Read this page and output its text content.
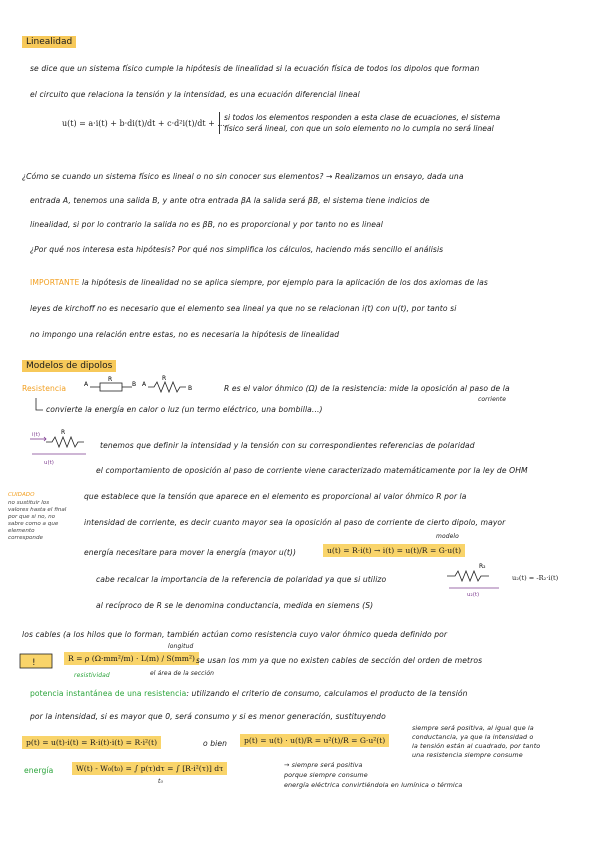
Linealidad
se dice que un sistema físico cumple la hipótesis de linealidad si la ecuación física de todos los dipolos que forman
el circuito que relaciona la tensión y la intensidad, es una ecuación diferencial lineal
u(t) = a·i(t) + b·di(t)/dt + c·d²i(t)/dt + ...
si todos los elementos responden a esta clase de ecuaciones, el sistema
físico será lineal, con que un solo elemento no lo cumpla no será lineal
¿Cómo se cuando un sistema físico es lineal o no sin conocer sus elementos? → Realizamos un ensayo, dada una
entrada A, tenemos una salida B, y ante otra entrada βA la salida será βB, el sistema tiene indicios de
linealidad, si por lo contrario la salida no es βB, no es proporcional y por tanto no es lineal
¿Por qué nos interesa esta hipótesis? Por qué nos simplifica los cálculos, haciendo más sencillo el análisis
IMPORTANTE la hipótesis de linealidad no se aplica siempre, por ejemplo para la aplicación de los dos axiomas de las
leyes de kirchoff no es necesario que el elemento sea lineal ya que no se relacionan i(t) con u(t), por tanto si
no impongo una relación entre estas, no es necesaria la hipótesis de linealidad
Modelos de dipolos
Resistencia	A
R
B A
R
B	R es el valor óhmico (Ω) de la resistencia: mide la oposición al paso de la
corriente
convierte la energía en calor o luz (un termo eléctrico, una bombilla...)
i(t)	R
u(t)
tenemos que definir la intensidad y la tensión con su correspondientes referencias de polaridad
el comportamiento de oposición al paso de corriente viene caracterizado matemáticamente por la ley de OHM
CUIDADO
no sustituir los valores hasta el final por que si no, no sabre como a que elemento corresponde
que establece que la tensión que aparece en el elemento es proporcional al valor óhmico R por la
intensidad de corriente, es decir cuanto mayor sea la oposición al paso de corriente de cierto dipolo, mayor
energía necesitare para mover la energía (mayor u(t))
modelo
u(t) = R·i(t) → i(t) = u(t)/R = G·u(t)
cabe recalcar la importancia de la referencia de polaridad ya que si utilizo
R₂
u₂(t)
u₂(t) = -R₂·i(t)
al recíproco de R se le denomina conductancia, medida en siemens (S)
los cables (a los hilos que lo forman, también actúan como resistencia cuyo valor óhmico queda definido por
!	R = ρ (Ω·mm²/m) · L(m) / S(mm²)
longitud
resistividad	el área de la sección
se usan los mm ya que no existen cables de sección del orden de metros
potencia instantánea de una resistencia: utilizando el criterio de consumo, calculamos el producto de la tensión
por la intensidad, si es mayor que 0, será consumo y si es menor generación, sustituyendo
p(t) = u(t)·i(t) = R·i(t)·i(t) = R·i²(t)	o bien	p(t) = u(t) · u(t)/R = u²(t)/R = G·u²(t)
siempre será positiva, al igual que la
conductancia, ya que la intensidad o
la tensión están al cuadrado, por tanto
una resistencia siempre consume
energía	W(t) - W₀(t₀) = ∫ p(τ)dτ = ∫ [R·i²(τ)] dτ
t₀
→ siempre será positiva
porque siempre consume
energía eléctrica convirtiéndola en lumínica o térmica
